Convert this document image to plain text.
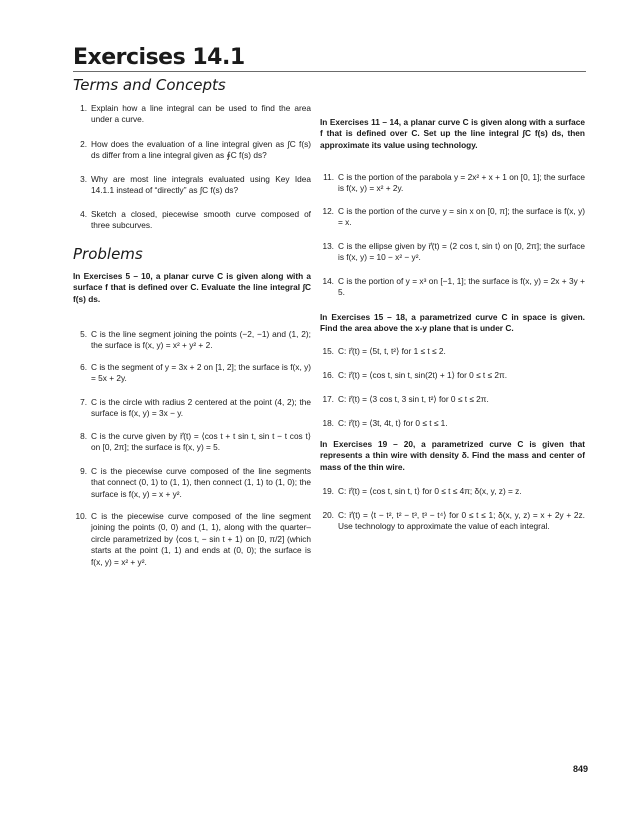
Exercises 14.1
Terms and Concepts
1. Explain how a line integral can be used to find the area under a curve.
2. How does the evaluation of a line integral given as ∫C f(s) ds differ from a line integral given as ∮C f(s) ds?
3. Why are most line integrals evaluated using Key Idea 14.1.1 instead of “directly” as ∫C f(s) ds?
4. Sketch a closed, piecewise smooth curve composed of three subcurves.
In Exercises 5 – 10, a planar curve C is given along with a surface f that is defined over C. Evaluate the line integral ∫C f(s) ds.
5. C is the line segment joining the points (−2, −1) and (1, 2); the surface is f(x, y) = x² + y² + 2.
6. C is the segment of y = 3x + 2 on [1, 2]; the surface is f(x, y) = 5x + 2y.
7. C is the circle with radius 2 centered at the point (4, 2); the surface is f(x, y) = 3x − y.
8. C is the curve given by r⃗(t) = ⟨cos t + t sin t, sin t − t cos t⟩ on [0, 2π]; the surface is f(x, y) = 5.
9. C is the piecewise curve composed of the line segments that connect (0, 1) to (1, 1), then connect (1, 1) to (1, 0); the surface is f(x, y) = x + y².
10. C is the piecewise curve composed of the line segment joining the points (0, 0) and (1, 1), along with the quarter–circle parametrized by ⟨cos t, − sin t + 1⟩ on [0, π/2] (which starts at the point (1, 1) and ends at (0, 0); the surface is f(x, y) = x² + y².
Problems
In Exercises 11 – 14, a planar curve C is given along with a surface f that is defined over C. Set up the line integral ∫C f(s) ds, then approximate its value using technology.
11. C is the portion of the parabola y = 2x² + x + 1 on [0, 1]; the surface is f(x, y) = x² + 2y.
12. C is the portion of the curve y = sin x on [0, π]; the surface is f(x, y) = x.
13. C is the ellipse given by r⃗(t) = ⟨2 cos t, sin t⟩ on [0, 2π]; the surface is f(x, y) = 10 − x² − y².
14. C is the portion of y = x³ on [−1, 1]; the surface is f(x, y) = 2x + 3y + 5.
In Exercises 15 – 18, a parametrized curve C in space is given. Find the area above the x-y plane that is under C.
15. C: r⃗(t) = ⟨5t, t, t²⟩ for 1 ≤ t ≤ 2.
16. C: r⃗(t) = ⟨cos t, sin t, sin(2t) + 1⟩ for 0 ≤ t ≤ 2π.
17. C: r⃗(t) = ⟨3 cos t, 3 sin t, t²⟩ for 0 ≤ t ≤ 2π.
18. C: r⃗(t) = ⟨3t, 4t, t⟩ for 0 ≤ t ≤ 1.
In Exercises 19 – 20, a parametrized curve C is given that represents a thin wire with density δ. Find the mass and center of mass of the thin wire.
19. C: r⃗(t) = ⟨cos t, sin t, t⟩ for 0 ≤ t ≤ 4π; δ(x, y, z) = z.
20. C: r⃗(t) = ⟨t − t², t² − t³, t³ − t⁴⟩ for 0 ≤ t ≤ 1; δ(x, y, z) = x + 2y + 2z. Use technology to approximate the value of each integral.
849
